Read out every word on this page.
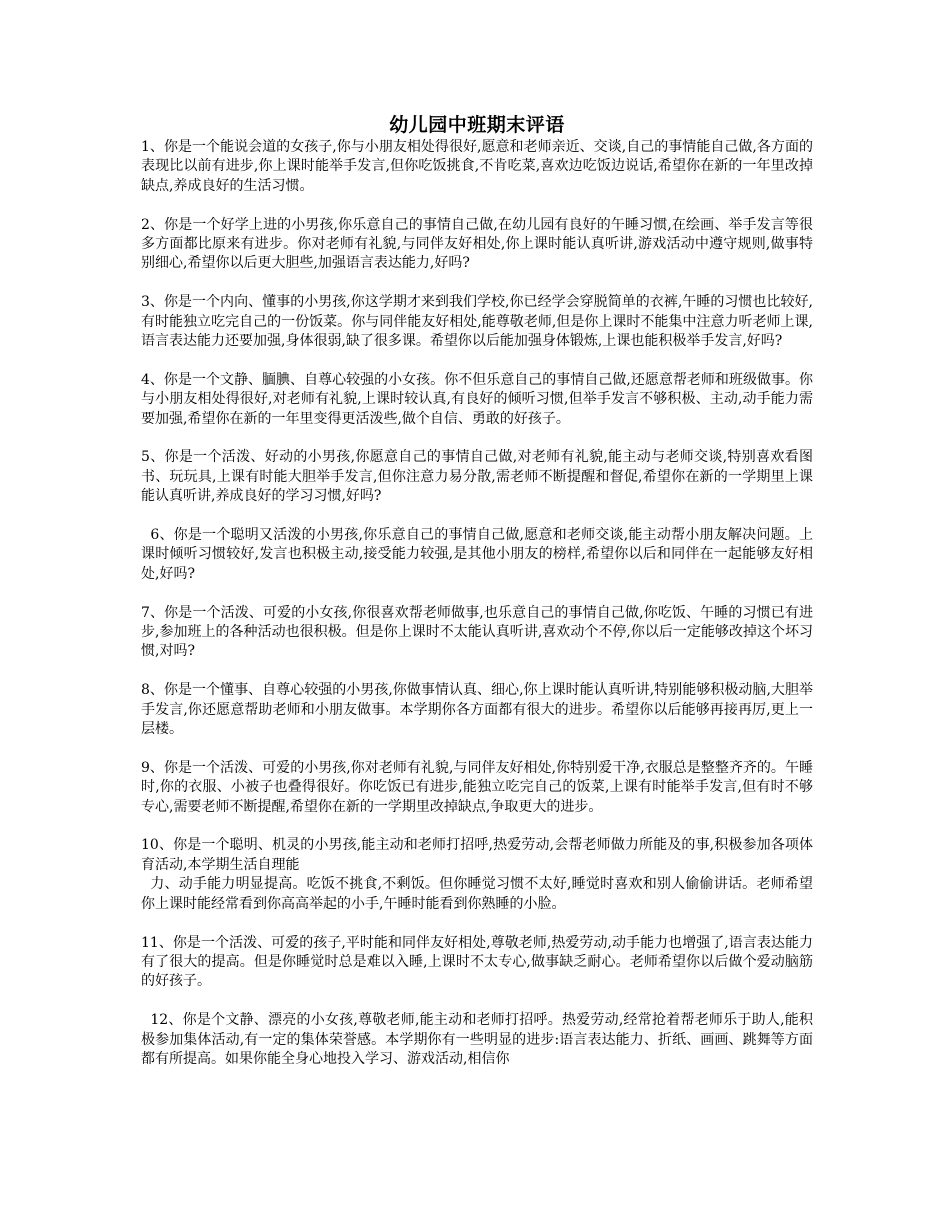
幼儿园中班期末评语

1、你是一个能说会道的女孩子,你与小朋友相处得很好,愿意和老师亲近、交谈,自己的事情能自己做,各方面的表现比以前有进步,你上课时能举手发言,但你吃饭挑食,不肯吃菜,喜欢边吃饭边说话,希望你在新的一年里改掉缺点,养成良好的生活习惯。

2、你是一个好学上进的小男孩,你乐意自己的事情自己做,在幼儿园有良好的午睡习惯,在绘画、举手发言等很多方面都比原来有进步。你对老师有礼貌,与同伴友好相处,你上课时能认真听讲,游戏活动中遵守规则,做事特别细心,希望你以后更大胆些,加强语言表达能力,好吗?

3、你是一个内向、懂事的小男孩,你这学期才来到我们学校,你已经学会穿脱简单的衣裤,午睡的习惯也比较好,有时能独立吃完自己的一份饭菜。你与同伴能友好相处,能尊敬老师,但是你上课时不能集中注意力听老师上课,语言表达能力还要加强,身体很弱,缺了很多课。希望你以后能加强身体锻炼,上课也能积极举手发言,好吗?

4、你是一个文静、腼腆、自尊心较强的小女孩。你不但乐意自己的事情自己做,还愿意帮老师和班级做事。你与小朋友相处得很好,对老师有礼貌,上课时较认真,有良好的倾听习惯,但举手发言不够积极、主动,动手能力需要加强,希望你在新的一年里变得更活泼些,做个自信、勇敢的好孩子。

5、你是一个活泼、好动的小男孩,你愿意自己的事情自己做,对老师有礼貌,能主动与老师交谈,特别喜欢看图书、玩玩具,上课有时能大胆举手发言,但你注意力易分散,需老师不断提醒和督促,希望你在新的一学期里上课能认真听讲,养成良好的学习习惯,好吗?

6、你是一个聪明又活泼的小男孩,你乐意自己的事情自己做,愿意和老师交谈,能主动帮小朋友解决问题。上课时倾听习惯较好,发言也积极主动,接受能力较强,是其他小朋友的榜样,希望你以后和同伴在一起能够友好相处,好吗?

7、你是一个活泼、可爱的小女孩,你很喜欢帮老师做事,也乐意自己的事情自己做,你吃饭、午睡的习惯已有进步,参加班上的各种活动也很积极。但是你上课时不太能认真听讲,喜欢动个不停,你以后一定能够改掉这个坏习惯,对吗?

8、你是一个懂事、自尊心较强的小男孩,你做事情认真、细心,你上课时能认真听讲,特别能够积极动脑,大胆举手发言,你还愿意帮助老师和小朋友做事。本学期你各方面都有很大的进步。希望你以后能够再接再厉,更上一层楼。

9、你是一个活泼、可爱的小男孩,你对老师有礼貌,与同伴友好相处,你特别爱干净,衣服总是整整齐齐的。午睡时,你的衣服、小被子也叠得很好。你吃饭已有进步,能独立吃完自己的饭菜,上课有时能举手发言,但有时不够专心,需要老师不断提醒,希望你在新的一学期里改掉缺点,争取更大的进步。

10、你是一个聪明、机灵的小男孩,能主动和老师打招呼,热爱劳动,会帮老师做力所能及的事,积极参加各项体育活动,本学期生活自理能
力、动手能力明显提高。吃饭不挑食,不剩饭。但你睡觉习惯不太好,睡觉时喜欢和别人偷偷讲话。老师希望你上课时能经常看到你高高举起的小手,午睡时能看到你熟睡的小脸。

11、你是一个活泼、可爱的孩子,平时能和同伴友好相处,尊敬老师,热爱劳动,动手能力也增强了,语言表达能力有了很大的提高。但是你睡觉时总是难以入睡,上课时不太专心,做事缺乏耐心。老师希望你以后做个爱动脑筋的好孩子。

12、你是个文静、漂亮的小女孩,尊敬老师,能主动和老师打招呼。热爱劳动,经常抢着帮老师乐于助人,能积极参加集体活动,有一定的集体荣誉感。本学期你有一些明显的进步:语言表达能力、折纸、画画、跳舞等方面都有所提高。如果你能全身心地投入学习、游戏活动,相信你
